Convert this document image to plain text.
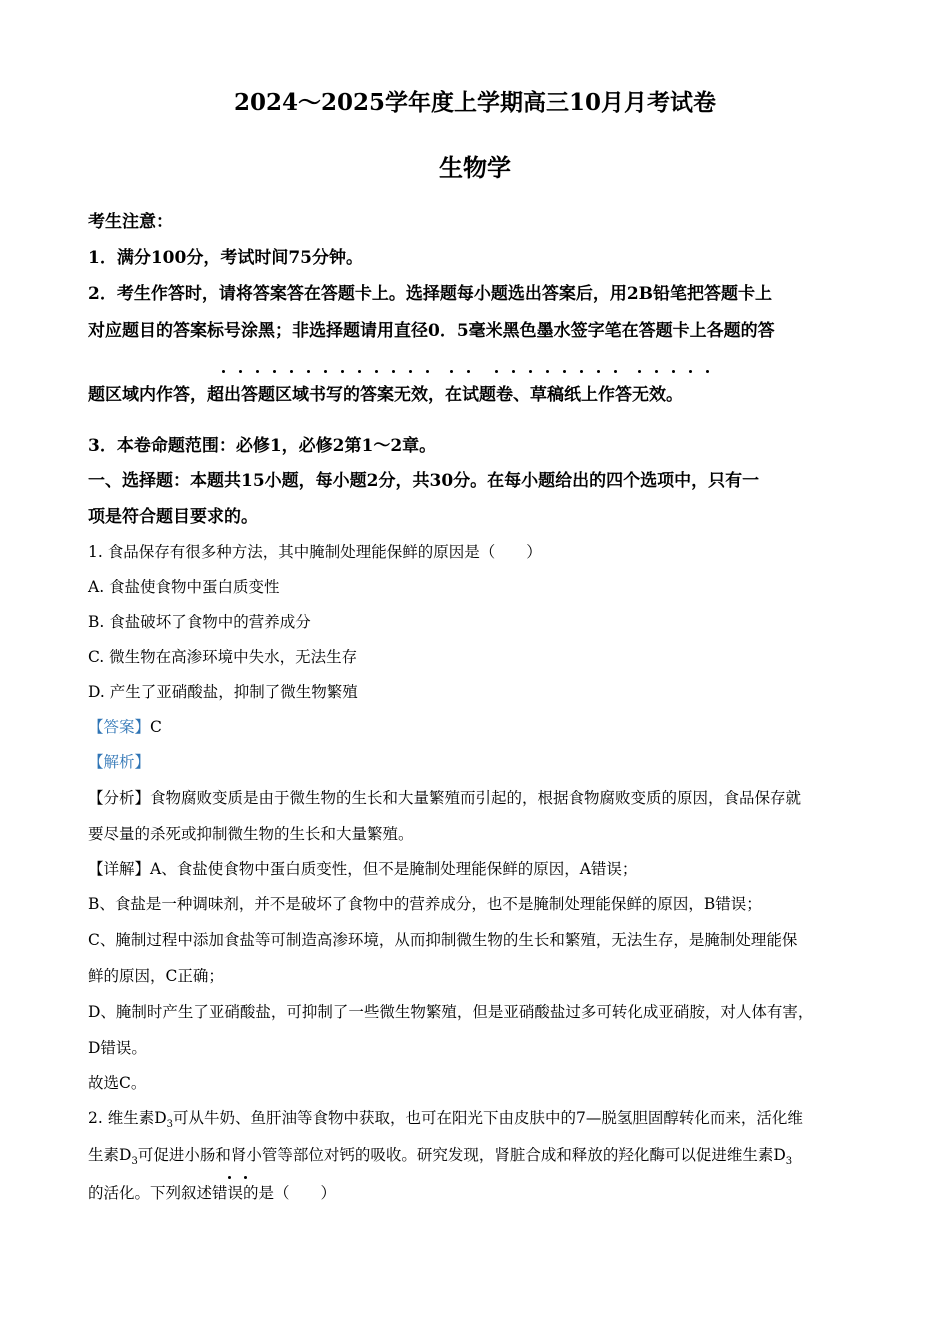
2024～2025学年度上学期高三10月月考试卷
生物学
考生注意：
1．满分100分，考试时间75分钟。
2．考生作答时，请将答案答在答题卡上。选择题每小题选出答案后，用2B铅笔把答题卡上
对应题目的答案标号涂黑；非选择题请用直径0．5毫米黑色墨水签字笔在答题卡上各题的答
题区域内作答，超出答题区域书写的答案无效，在试题卷、草稿纸上作答无效。
3．本卷命题范围：必修1，必修2第1～2章。
一、选择题：本题共15小题，每小题2分，共30分。在每小题给出的四个选项中，只有一
项是符合题目要求的。
1. 食品保存有很多种方法，其中腌制处理能保鲜的原因是（　　）
A. 食盐使食物中蛋白质变性
B. 食盐破坏了食物中的营养成分
C. 微生物在高渗环境中失水，无法生存
D. 产生了亚硝酸盐，抑制了微生物繁殖
【答案】C
【解析】
【分析】食物腐败变质是由于微生物的生长和大量繁殖而引起的，根据食物腐败变质的原因，食品保存就
要尽量的杀死或抑制微生物的生长和大量繁殖。
【详解】A、食盐使食物中蛋白质变性，但不是腌制处理能保鲜的原因，A错误；
B、食盐是一种调味剂，并不是破坏了食物中的营养成分，也不是腌制处理能保鲜的原因，B错误；
C、腌制过程中添加食盐等可制造高渗环境，从而抑制微生物的生长和繁殖，无法生存，是腌制处理能保
鲜的原因，C正确；
D、腌制时产生了亚硝酸盐，可抑制了一些微生物繁殖，但是亚硝酸盐过多可转化成亚硝胺，对人体有害，
D错误。
故选C。
2. 维生素$D_3$可从牛奶、鱼肝油等食物中获取，也可在阳光下由皮肤中的7—脱氢胆固醇转化而来，活化维
生素$D_3$可促进小肠和肾小管等部位对钙的吸收。研究发现，肾脏合成和释放的羟化酶可以促进维生素$D_3$
的活化。下列叙述错误的是（　　）
